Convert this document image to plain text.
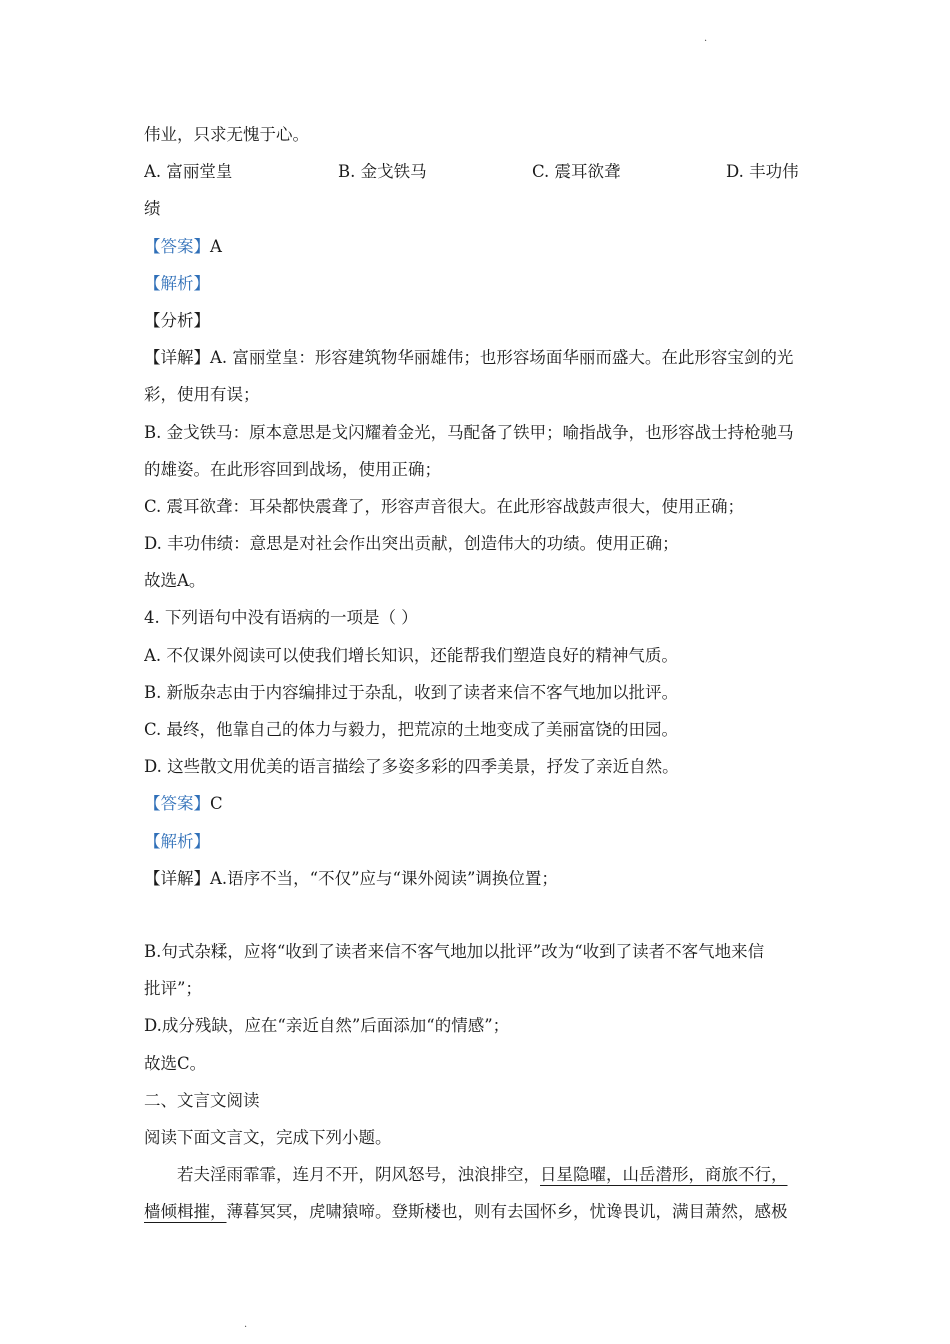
·
伟业，只求无愧于心。
A. 富丽堂皇	B. 金戈铁马	C. 震耳欲聋	D. 丰功伟
绩
【答案】A
【解析】
【分析】
【详解】A. 富丽堂皇：形容建筑物华丽雄伟；也形容场面华丽而盛大。在此形容宝剑的光
彩，使用有误；
B. 金戈铁马：原本意思是戈闪耀着金光，马配备了铁甲；喻指战争，也形容战士持枪驰马
的雄姿。在此形容回到战场，使用正确；
C. 震耳欲聋：耳朵都快震聋了，形容声音很大。在此形容战鼓声很大，使用正确；
D. 丰功伟绩：意思是对社会作出突出贡献，创造伟大的功绩。使用正确；
故选A。
4. 下列语句中没有语病的一项是（ ）
A. 不仅课外阅读可以使我们增长知识，还能帮我们塑造良好的精神气质。
B. 新版杂志由于内容编排过于杂乱，收到了读者来信不客气地加以批评。
C. 最终，他靠自己的体力与毅力，把荒凉的土地变成了美丽富饶的田园。
D. 这些散文用优美的语言描绘了多姿多彩的四季美景，抒发了亲近自然。
【答案】C
【解析】
【详解】A.语序不当，“不仅”应与“课外阅读”调换位置；
B.句式杂糅，应将“收到了读者来信不客气地加以批评”改为“收到了读者不客气地来信
批评”；
D.成分残缺，应在“亲近自然”后面添加“的情感”；
故选C。
二、文言文阅读
阅读下面文言文，完成下列小题。
若夫淫雨霏霏，连月不开，阴风怒号，浊浪排空，日星隐曜，山岳潜形，商旅不行，
樯倾楫摧，薄暮冥冥，虎啸猿啼。登斯楼也，则有去国怀乡，忧谗畏讥，满目萧然，感极
·
